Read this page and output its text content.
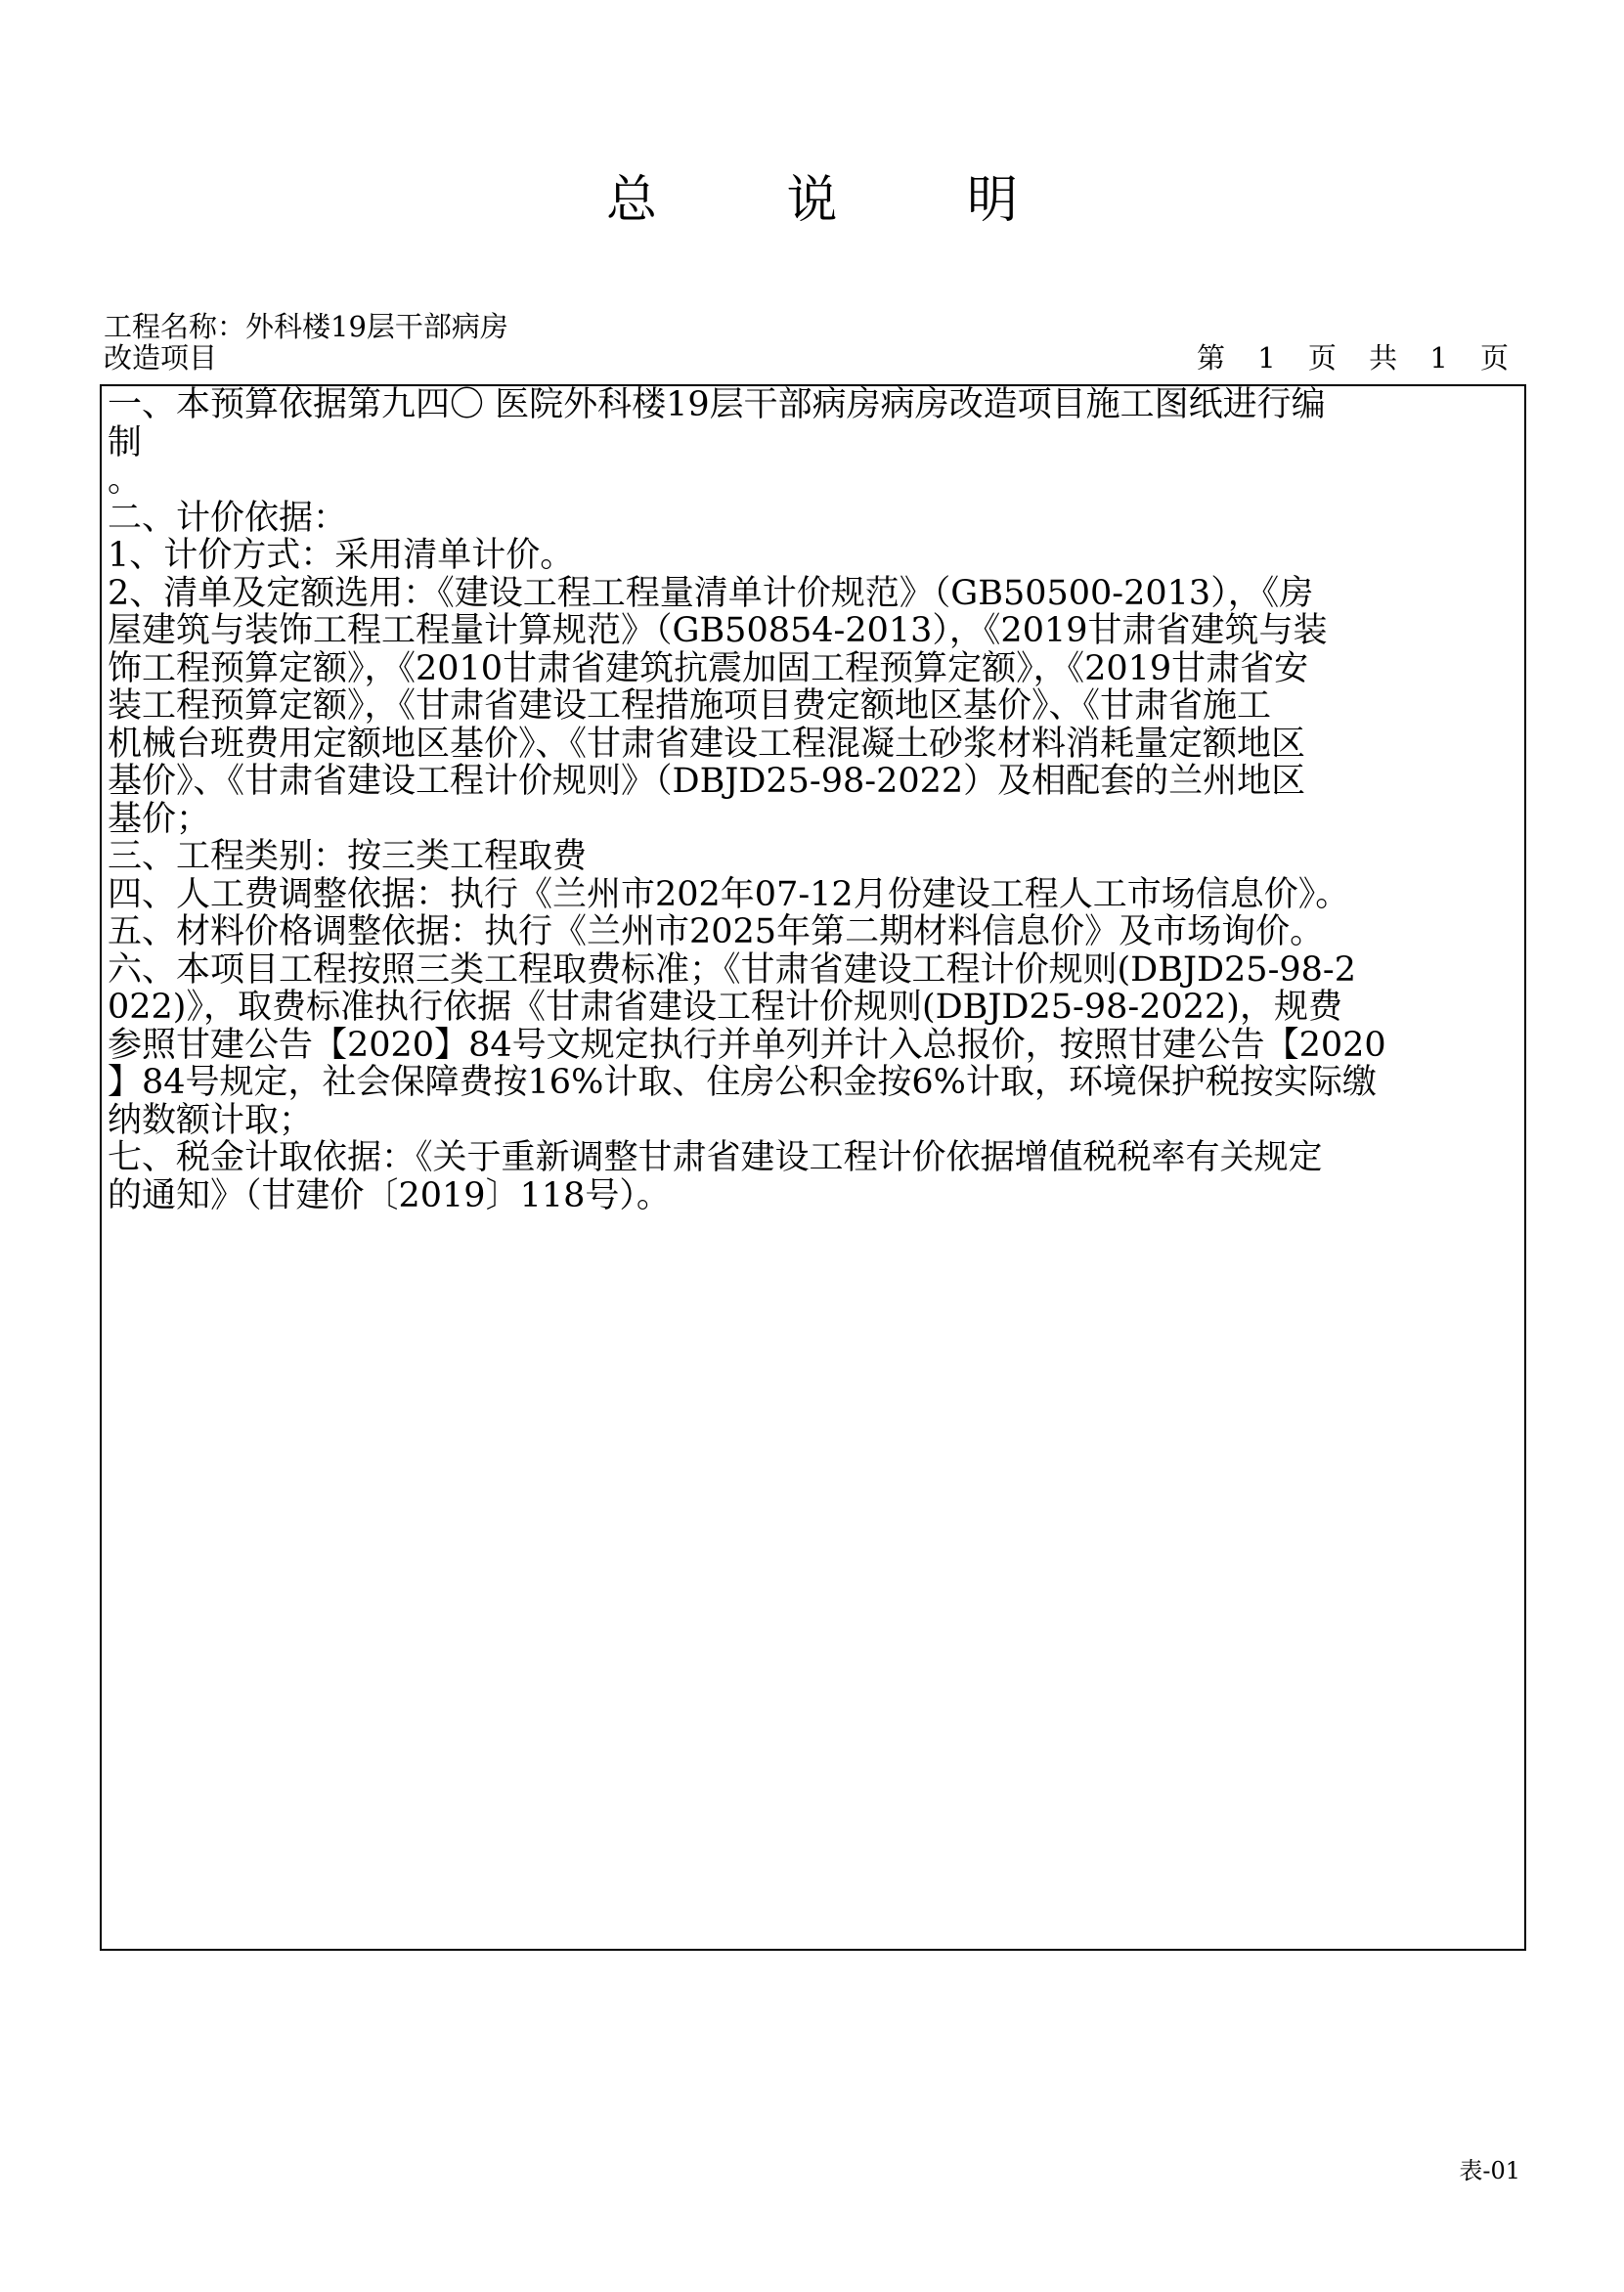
总 说 明
工程名称：外科楼19层干部病房
改造项目	第 1 页 共 1 页
一、本预算依据第九四〇 医院外科楼19层干部病房病房改造项目施工图纸进行编
制
。
二、计价依据：
1、计价方式：采用清单计价。
2、清单及定额选用：《建设工程工程量清单计价规范》（GB50500-2013），《房
屋建筑与装饰工程工程量计算规范》（GB50854-2013），《2019甘肃省建筑与装
饰工程预算定额》，《2010甘肃省建筑抗震加固工程预算定额》，《2019甘肃省安
装工程预算定额》，《甘肃省建设工程措施项目费定额地区基价》、《甘肃省施工
机械台班费用定额地区基价》、《甘肃省建设工程混凝土砂浆材料消耗量定额地区
基价》、《甘肃省建设工程计价规则》（DBJD25-98-2022）及相配套的兰州地区
基价；
三、工程类别：按三类工程取费
四、人工费调整依据：执行《兰州市202年07-12月份建设工程人工市场信息价》。
五、材料价格调整依据：执行《兰州市2025年第二期材料信息价》及市场询价。
六、本项目工程按照三类工程取费标准；《甘肃省建设工程计价规则(DBJD25-98-2
022)》，取费标准执行依据《甘肃省建设工程计价规则(DBJD25-98-2022)，规费
参照甘建公告【2020】84号文规定执行并单列并计入总报价，按照甘建公告【2020
】84号规定，社会保障费按16%计取、住房公积金按6%计取，环境保护税按实际缴
纳数额计取；
七、税金计取依据：《关于重新调整甘肃省建设工程计价依据增值税税率有关规定
的通知》（甘建价〔2019〕118号）。
表-01
